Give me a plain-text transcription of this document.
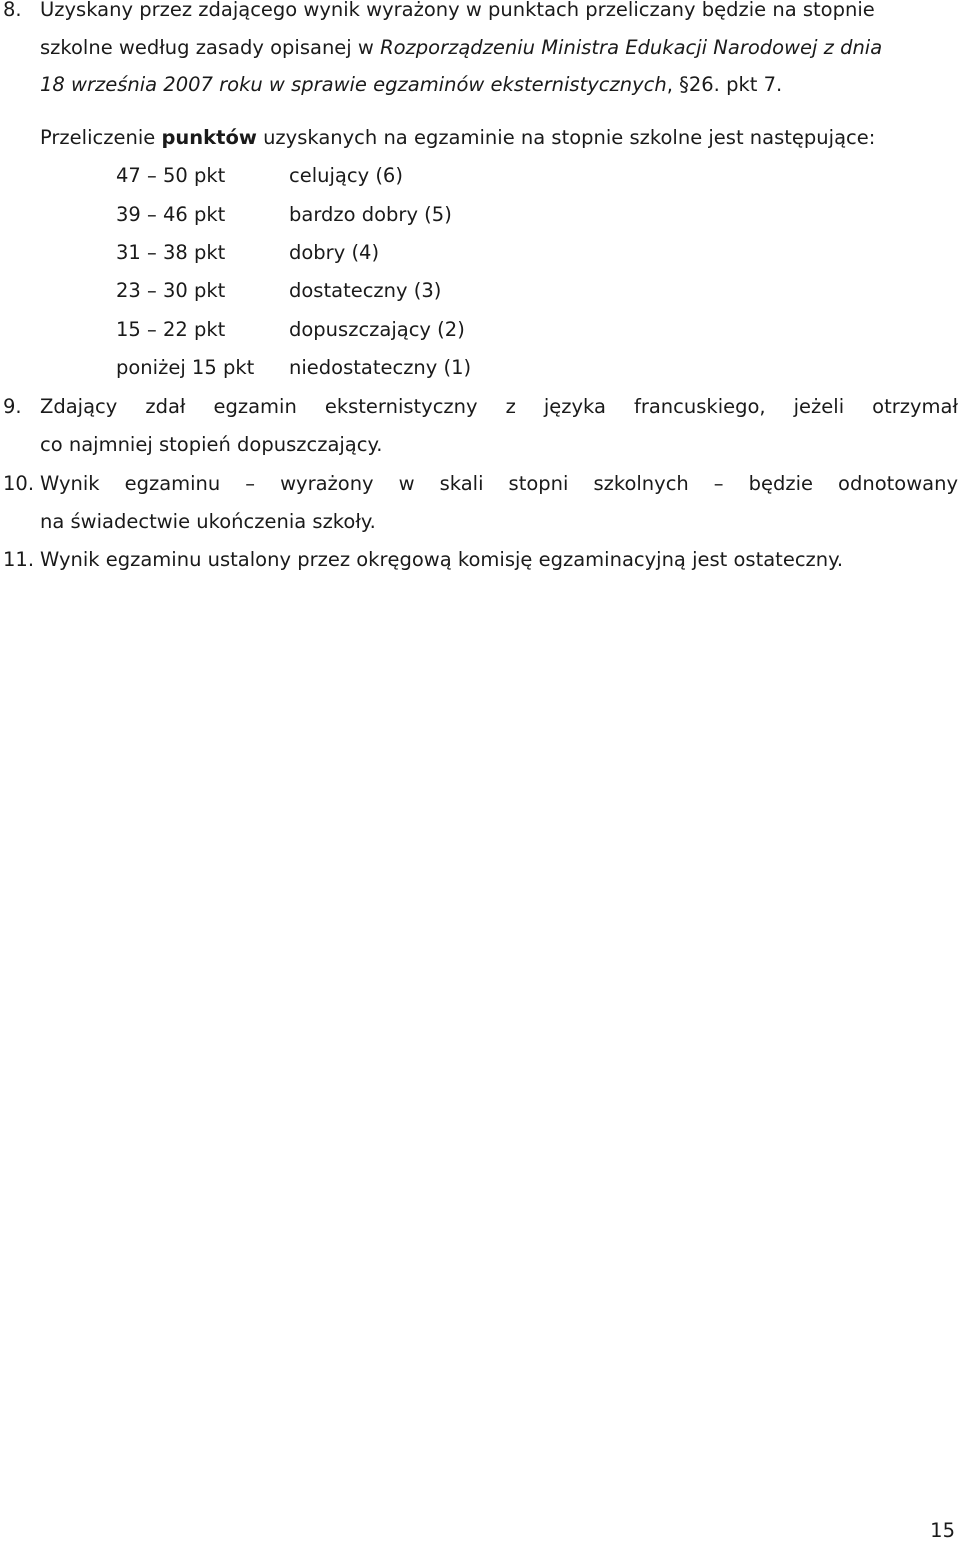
8. Uzyskany przez zdającego wynik wyrażony w punktach przeliczany będzie na stopnie
szkolne według zasady opisanej w Rozporządzeniu Ministra Edukacji Narodowej z dnia
18 września 2007 roku w sprawie egzaminów eksternistycznych, §26. pkt 7.
Przeliczenie punktów uzyskanych na egzaminie na stopnie szkolne jest następujące:
47 – 50 pkt	celujący (6)
39 – 46 pkt	bardzo dobry (5)
31 – 38 pkt	dobry (4)
23 – 30 pkt	dostateczny (3)
15 – 22 pkt	dopuszczający (2)
poniżej 15 pkt niedostateczny (1)
9. Zdający zdał egzamin eksternistyczny z języka francuskiego, jeżeli otrzymał
co najmniej stopień dopuszczający.
10. Wynik egzaminu – wyrażony w skali stopni szkolnych – będzie odnotowany
na świadectwie ukończenia szkoły.
11. Wynik egzaminu ustalony przez okręgową komisję egzaminacyjną jest ostateczny.
15
